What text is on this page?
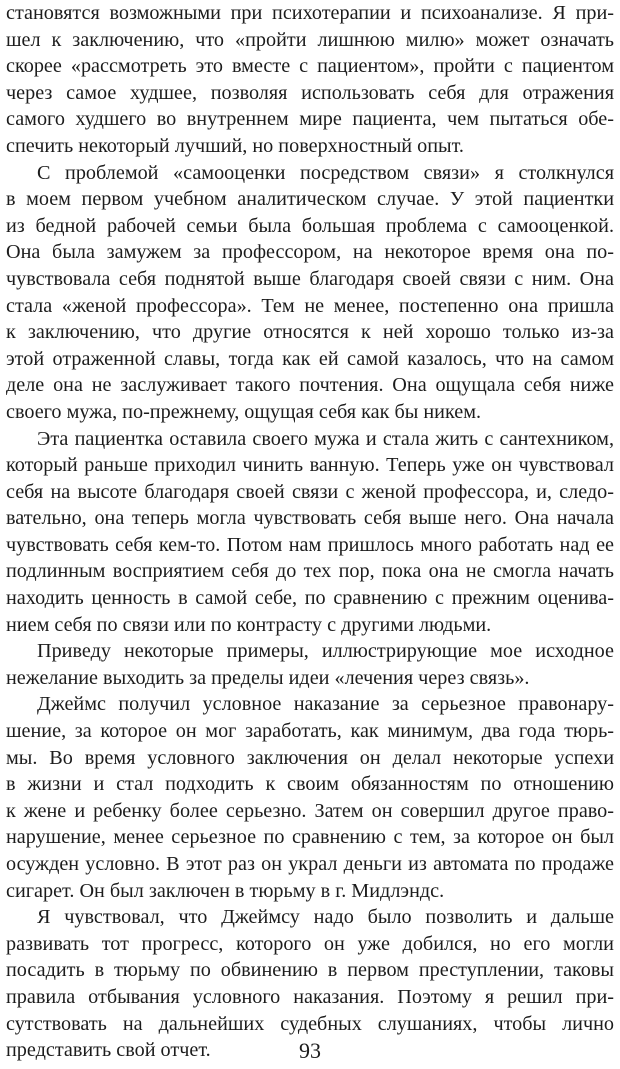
становятся возможными при психотерапии и психоанализе. Я при-
шел к заключению, что «пройти лишнюю милю» может означать
скорее «рассмотреть это вместе с пациентом», пройти с пациентом
через самое худшее, позволяя использовать себя для отражения
самого худшего во внутреннем мире пациента, чем пытаться обе-
спечить некоторый лучший, но поверхностный опыт.
С проблемой «самооценки посредством связи» я столкнулся
в моем первом учебном аналитическом случае. У этой пациентки
из бедной рабочей семьи была большая проблема с самооценкой.
Она была замужем за профессором, на некоторое время она по-
чувствовала себя поднятой выше благодаря своей связи с ним. Она
стала «женой профессора». Тем не менее, постепенно она пришла
к заключению, что другие относятся к ней хорошо только из-за
этой отраженной славы, тогда как ей самой казалось, что на самом
деле она не заслуживает такого почтения. Она ощущала себя ниже
своего мужа, по-прежнему, ощущая себя как бы никем.
Эта пациентка оставила своего мужа и стала жить с сантехником,
который раньше приходил чинить ванную. Теперь уже он чувствовал
себя на высоте благодаря своей связи с женой профессора, и, следо-
вательно, она теперь могла чувствовать себя выше него. Она начала
чувствовать себя кем-то. Потом нам пришлось много работать над ее
подлинным восприятием себя до тех пор, пока она не смогла начать
находить ценность в самой себе, по сравнению с прежним оценива-
нием себя по связи или по контрасту с другими людьми.
Приведу некоторые примеры, иллюстрирующие мое исходное
нежелание выходить за пределы идеи «лечения через связь».
Джеймс получил условное наказание за серьезное правонару-
шение, за которое он мог заработать, как минимум, два года тюрь-
мы. Во время условного заключения он делал некоторые успехи
в жизни и стал подходить к своим обязанностям по отношению
к жене и ребенку более серьезно. Затем он совершил другое право-
нарушение, менее серьезное по сравнению с тем, за которое он был
осужден условно. В этот раз он украл деньги из автомата по продаже
сигарет. Он был заключен в тюрьму в г. Мидлэндс.
Я чувствовал, что Джеймсу надо было позволить и дальше
развивать тот прогресс, которого он уже добился, но его могли
посадить в тюрьму по обвинению в первом преступлении, таковы
правила отбывания условного наказания. Поэтому я решил при-
сутствовать на дальнейших судебных слушаниях, чтобы лично
представить свой отчет.	93
